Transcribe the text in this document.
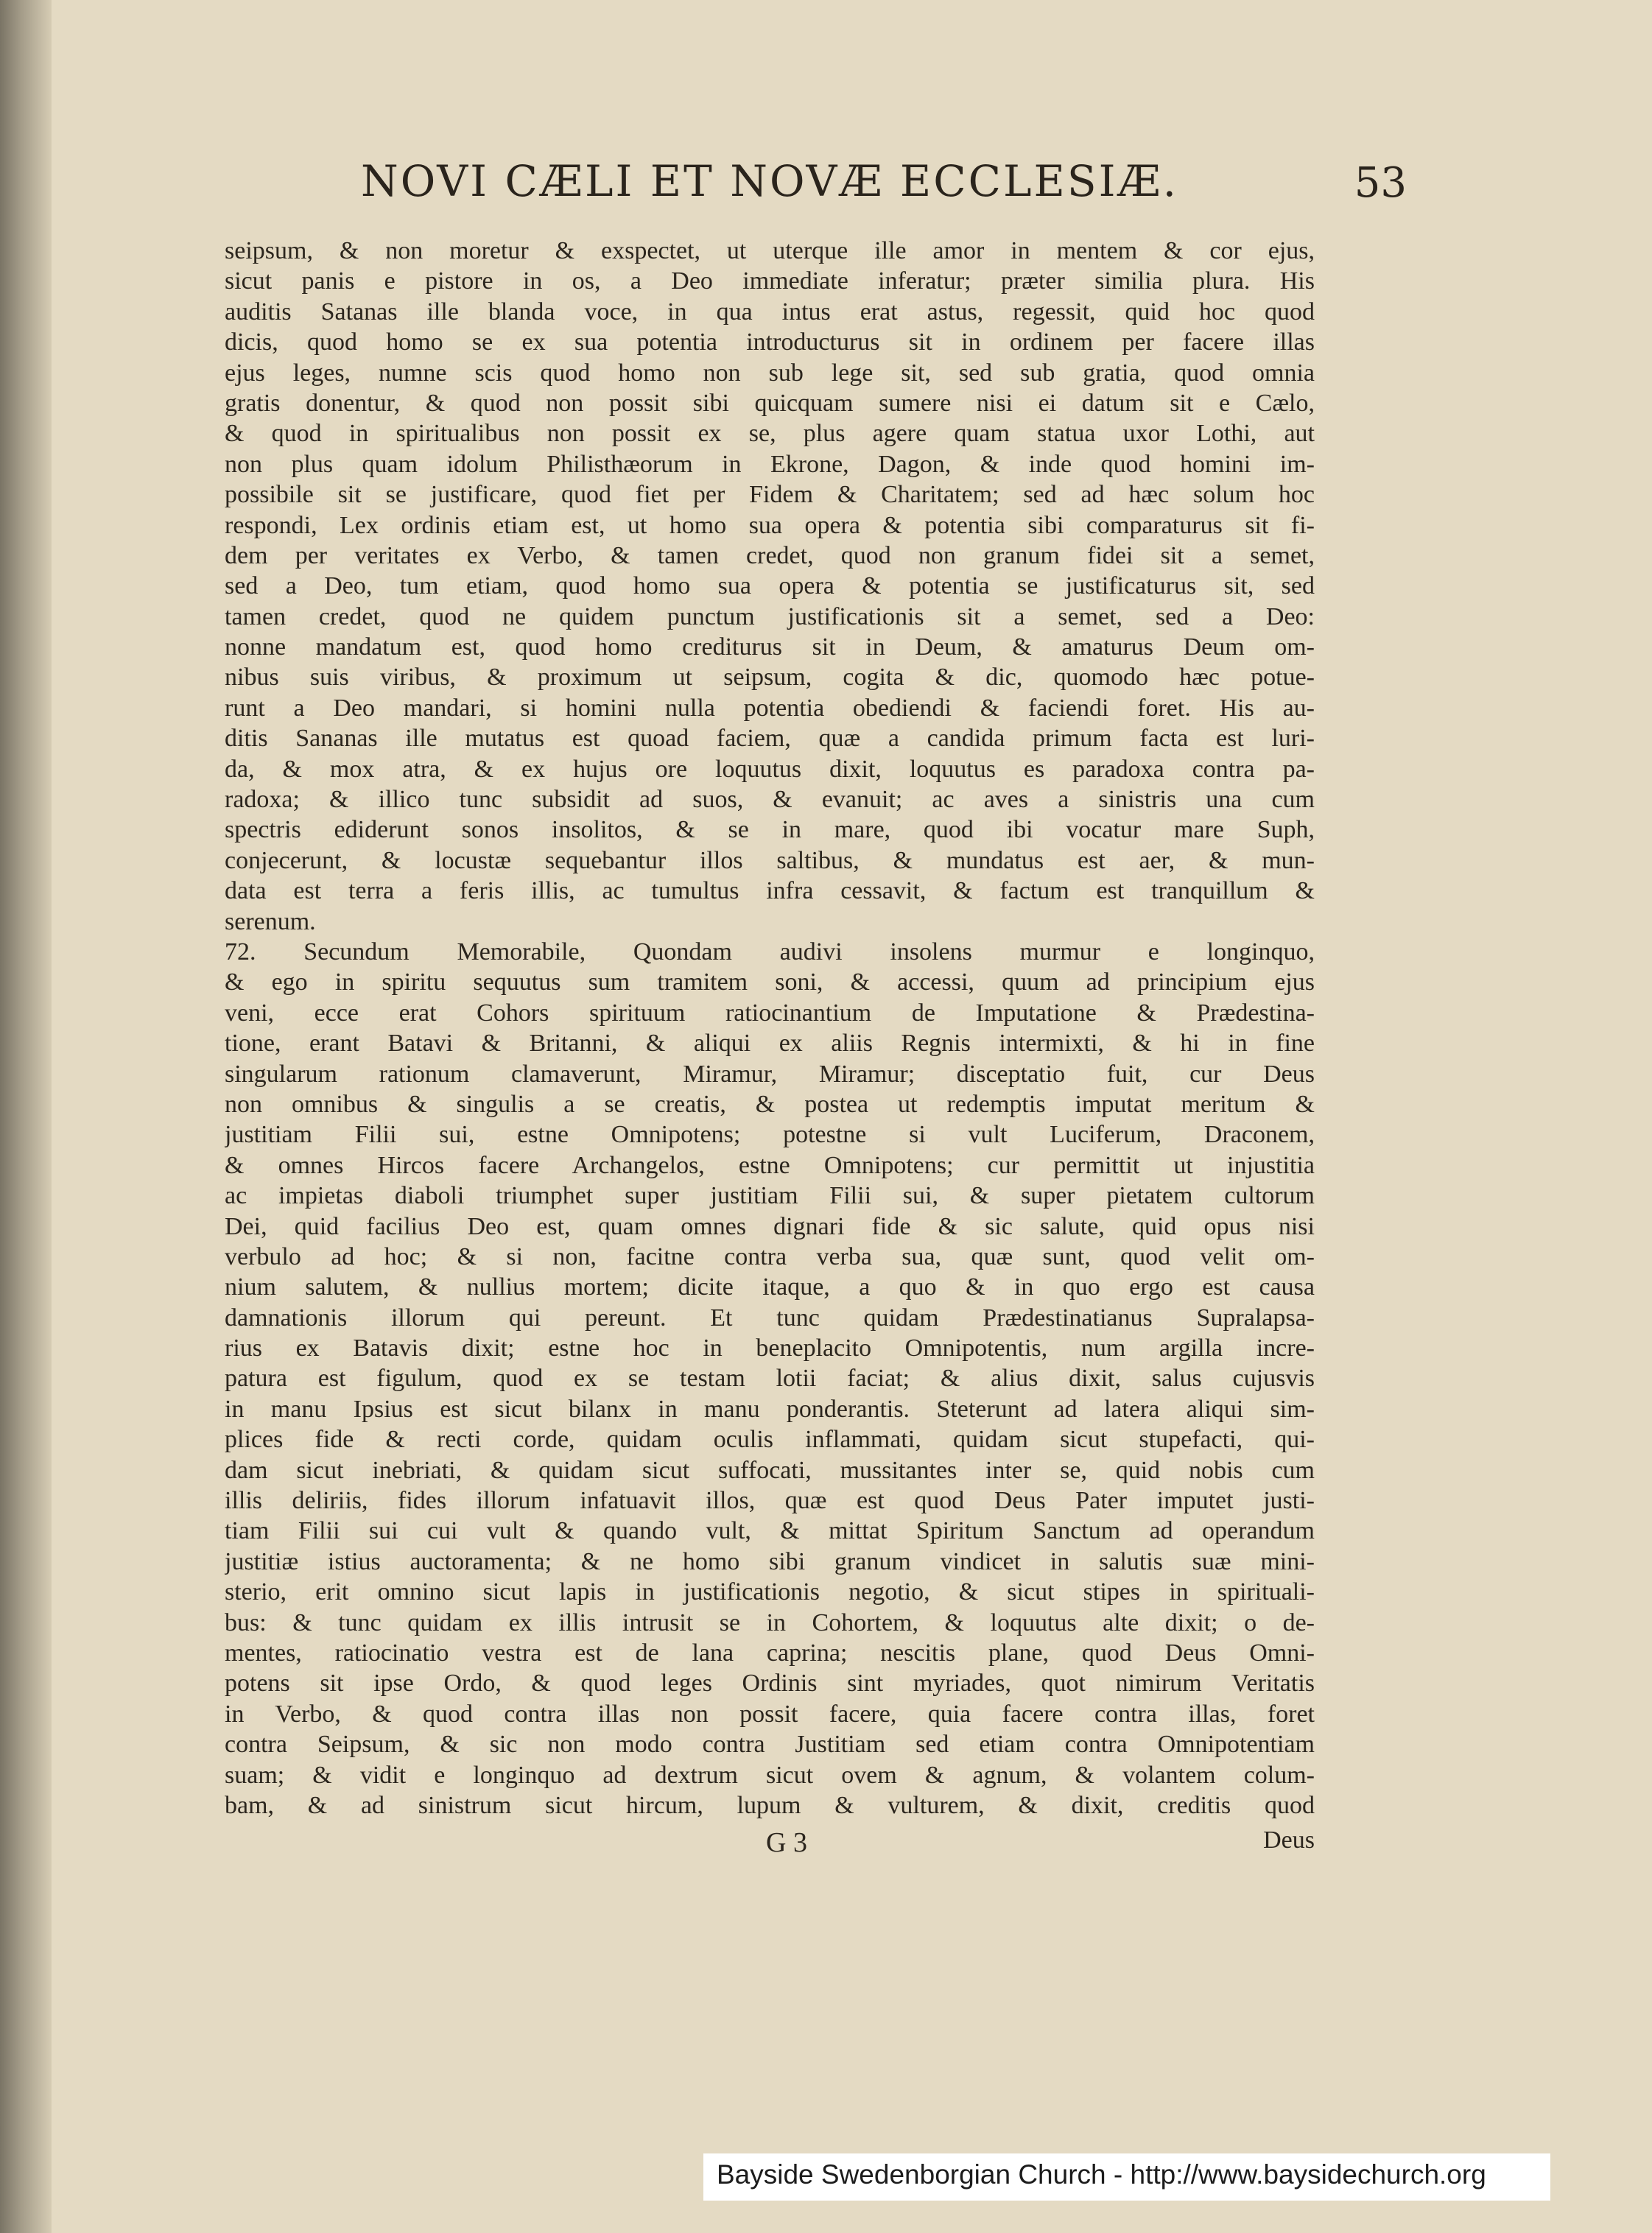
NOVI CÆLI ET NOVÆ ECCLESIÆ.	53
seipsum, & non moretur & exspectet, ut uterque ille amor in mentem & cor ejus,
sicut panis e pistore in os, a Deo immediate inferatur; præter similia plura. His
auditis Satanas ille blanda voce, in qua intus erat astus, regessit, quid hoc quod
dicis, quod homo se ex sua potentia introducturus sit in ordinem per facere illas
ejus leges, numne scis quod homo non sub lege sit, sed sub gratia, quod omnia
gratis donentur, & quod non possit sibi quicquam sumere nisi ei datum sit e Cælo,
& quod in spiritualibus non possit ex se, plus agere quam statua uxor Lothi, aut
non plus quam idolum Philisthæorum in Ekrone, Dagon, & inde quod homini im-
possibile sit se justificare, quod fiet per Fidem & Charitatem; sed ad hæc solum hoc
respondi, Lex ordinis etiam est, ut homo sua opera & potentia sibi comparaturus sit fi-
dem per veritates ex Verbo, & tamen credet, quod non granum fidei sit a semet,
sed a Deo, tum etiam, quod homo sua opera & potentia se justificaturus sit, sed
tamen credet, quod ne quidem punctum justificationis sit a semet, sed a Deo:
nonne mandatum est, quod homo crediturus sit in Deum, & amaturus Deum om-
nibus suis viribus, & proximum ut seipsum, cogita & dic, quomodo hæc potue-
runt a Deo mandari, si homini nulla potentia obediendi & faciendi foret. His au-
ditis Sananas ille mutatus est quoad faciem, quæ a candida primum facta est luri-
da, & mox atra, & ex hujus ore loquutus dixit, loquutus es paradoxa contra pa-
radoxa; & illico tunc subsidit ad suos, & evanuit; ac aves a sinistris una cum
spectris ediderunt sonos insolitos, & se in mare, quod ibi vocatur mare Suph,
conjecerunt, & locustæ sequebantur illos saltibus, & mundatus est aer, & mun-
data est terra a feris illis, ac tumultus infra cessavit, & factum est tranquillum &
serenum.
72. Secundum Memorabile, Quondam audivi insolens murmur e longinquo,
& ego in spiritu sequutus sum tramitem soni, & accessi, quum ad principium ejus
veni, ecce erat Cohors spirituum ratiocinantium de Imputatione & Prædestina-
tione, erant Batavi & Britanni, & aliqui ex aliis Regnis intermixti, & hi in fine
singularum rationum clamaverunt, Miramur, Miramur; disceptatio fuit, cur Deus
non omnibus & singulis a se creatis, & postea ut redemptis imputat meritum &
justitiam Filii sui, estne Omnipotens; potestne si vult Luciferum, Draconem,
& omnes Hircos facere Archangelos, estne Omnipotens; cur permittit ut injustitia
ac impietas diaboli triumphet super justitiam Filii sui, & super pietatem cultorum
Dei, quid facilius Deo est, quam omnes dignari fide & sic salute, quid opus nisi
verbulo ad hoc; & si non, facitne contra verba sua, quæ sunt, quod velit om-
nium salutem, & nullius mortem; dicite itaque, a quo & in quo ergo est causa
damnationis illorum qui pereunt. Et tunc quidam Prædestinatianus Supralapsa-
rius ex Batavis dixit; estne hoc in beneplacito Omnipotentis, num argilla incre-
patura est figulum, quod ex se testam lotii faciat; & alius dixit, salus cujusvis
in manu Ipsius est sicut bilanx in manu ponderantis. Steterunt ad latera aliqui sim-
plices fide & recti corde, quidam oculis inflammati, quidam sicut stupefacti, qui-
dam sicut inebriati, & quidam sicut suffocati, mussitantes inter se, quid nobis cum
illis deliriis, fides illorum infatuavit illos, quæ est quod Deus Pater imputet justi-
tiam Filii sui cui vult & quando vult, & mittat Spiritum Sanctum ad operandum
justitiæ istius auctoramenta; & ne homo sibi granum vindicet in salutis suæ mini-
sterio, erit omnino sicut lapis in justificationis negotio, & sicut stipes in spirituali-
bus: & tunc quidam ex illis intrusit se in Cohortem, & loquutus alte dixit; o de-
mentes, ratiocinatio vestra est de lana caprina; nescitis plane, quod Deus Omni-
potens sit ipse Ordo, & quod leges Ordinis sint myriades, quot nimirum Veritatis
in Verbo, & quod contra illas non possit facere, quia facere contra illas, foret
contra Seipsum, & sic non modo contra Justitiam sed etiam contra Omnipotentiam
suam; & vidit e longinquo ad dextrum sicut ovem & agnum, & volantem colum-
bam, & ad sinistrum sicut hircum, lupum & vulturem, & dixit, creditis quod
G 3	Deus
Bayside Swedenborgian Church - http://www.baysidechurch.org
